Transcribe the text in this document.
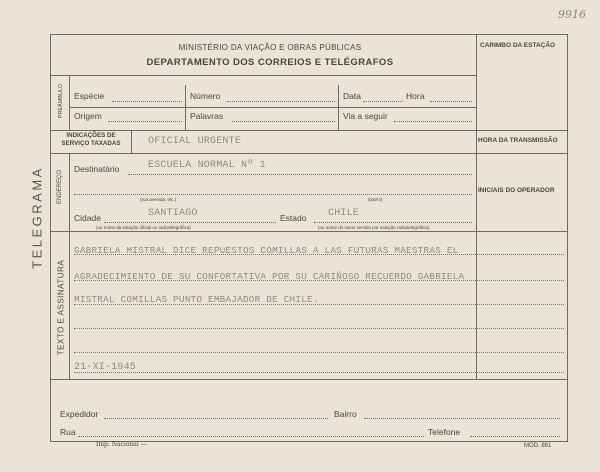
9916
TELEGRAMA
MINISTÉRIO DA VIAÇÃO E OBRAS PÚBLICAS
DEPARTAMENTO DOS CORREIOS E TELÉGRAFOS
CARIMBO DA ESTAÇÃO
PREÂMBULO Espécie	Número	Data	Hora
Origem	Palavras	Via a seguir
INDICAÇÕES DE SERVIÇO TAXADAS	OFICIAL URGENTE	HORA DA TRANSMISSÃO
INICIAIS DO OPERADOR
ENDEREÇO
Destinatário	ESCUELA NORMAL Nº 1
(rua avenida, etc.)	(bairro)
Cidade	SANTIAGO	Estado CHILE
(ou nome da estação oficial ou radiotelegráfica)	(ou nome do navio servido por estação radiotelegráfica)
TEXTO E ASSINATURA
GABRIELA MISTRAL DICE REPUESTOS COMILLAS A LAS FUTURAS MAESTRAS EL
AGRADECIMIENTO DE SU CONFORTATIVA POR SU CARIÑOSO RECUERDO GABRIELA
MISTRAL COMILLAS PUNTO EMBAJADOR DE CHILE.
21-XI-1945
Expedidor	Bairro
Rua	Telefone
Imp. Nacional —	MOD. 861
